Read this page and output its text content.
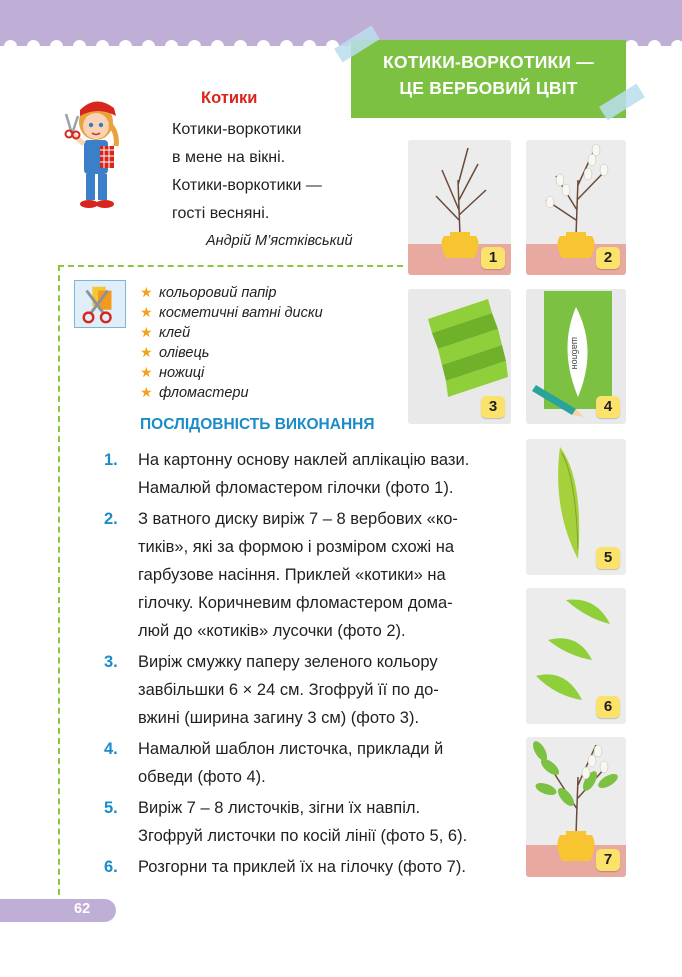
КОТИКИ-ВОРКОТИКИ —
ЦЕ ВЕРБОВИЙ ЦВІТ
Котики
Котики-воркотики
в мене на вікні.
Котики-воркотики —
гості весняні.
Андрій М’ястківський
★ кольоровий папір
★ косметичні ватні диски
★ клей
★ олівець
★ ножиці
★ фломастери
ПОСЛІДОВНІСТЬ ВИКОНАННЯ
1. На картонну основу наклей аплікацію вази.
Намалюй фломастером гілочки (фото 1).
2. З ватного диску виріж 7 – 8 вербових «ко-
тиків», які за формою і розміром схожі на
гарбузове насіння. Приклей «котики» на
гілочку. Коричневим фломастером дома-
люй до «котиків» лусочки (фото 2).
3. Виріж смужку паперу зеленого кольору
завбільшки 6 × 24 см. Згофруй її по до-
вжині (ширина загину 3 см) (фото 3).
4. Намалюй шаблон листочка, приклади й
обведи (фото 4).
5. Виріж 7 – 8 листочків, зігни їх навпіл.
Згофруй листочки по косій лінії (фото 5, 6).
6. Розгорни та приклей їх на гілочку (фото 7).
1	2
3
шаблон
4
5
6
7
62
